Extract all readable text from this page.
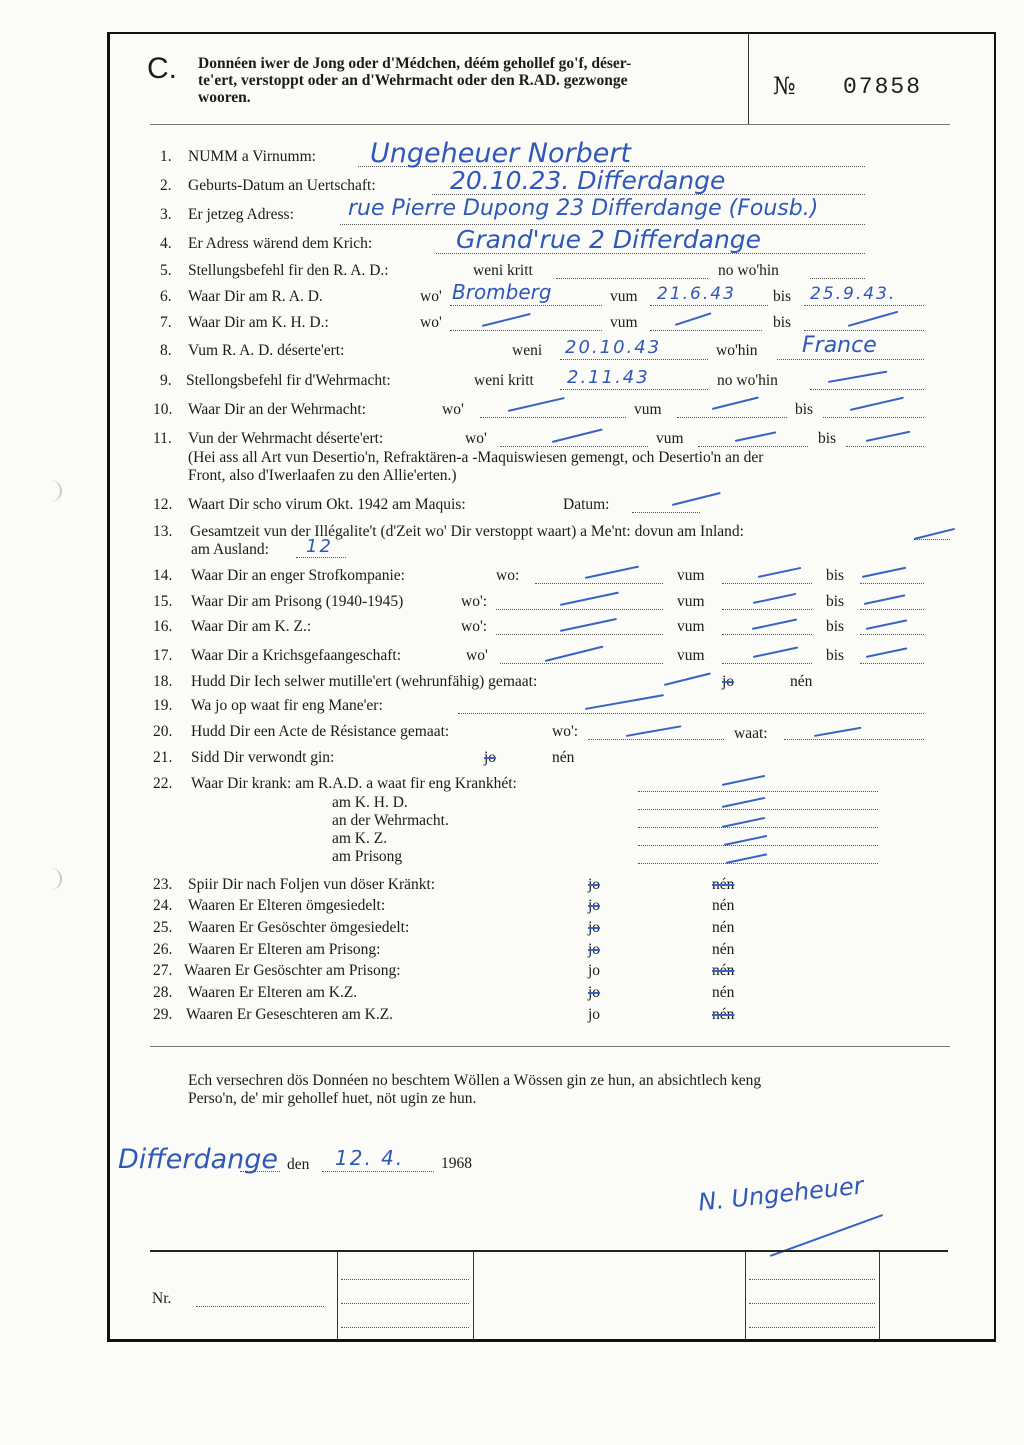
C. Donnéen iwer de Jong oder d'Médchen, déém gehollef go'f, déser-
te'ert, verstoppt oder an d'Wehrmacht oder den R.AD. gezwonge
wooren.	№ 07858
1. NUMM a Virnumm: Ungeheuer Norbert
2. Geburts-Datum an Uertschaft:	20.10.23. Differdange
3. Er jetzeg Adress: rue Pierre Dupong 23 Differdange (Fousb.)
4. Er Adress wärend dem Krich:	Grand'rue 2 Differdange
5. Stellungsbefehl fir den R. A. D.:	weni kritt	no wo'hin
6. Waar Dir am R. A. D.	wo' Bromberg	vum 21.6.43 bis 25.9.43.
7. Waar Dir am K. H. D.:	wo'	vum	bis
8. Vum R. A. D. déserte'ert:	weni 20.10.43	wo'hin France
9. Stellongsbefehl fir d'Wehrmacht:	weni kritt 2.11.43	no wo'hin
10. Waar Dir an der Wehrmacht:	wo'	vum	bis
11. Vun der Wehrmacht déserte'ert:	wo'	vum	bis
(Hei ass all Art vun Desertio'n, Refraktären-a -Maquiswiesen gemengt, och Desertio'n an der
Front, also d'Iwerlaafen zu den Allie'erten.)
12. Waart Dir scho virum Okt. 1942 am Maquis:	Datum:
13. Gesamtzeit vun der Illégalite't (d'Zeit wo' Dir verstoppt waart) a Me'nt: dovun am Inland:
am Ausland: 12
14. Waar Dir an enger Strofkompanie:	wo:	vum	bis
15. Waar Dir am Prisong (1940-1945)	wo':	vum	bis
16. Waar Dir am K. Z.:	wo':	vum	bis
17. Waar Dir a Krichsgefaangeschaft:	wo'	vum	bis
18. Hudd Dir Iech selwer mutille'ert (wehrunfähig) gemaat:	jo	nén
19. Wa jo op waat fir eng Mane'er:
20. Hudd Dir een Acte de Résistance gemaat:	wo':	waat:
21. Sidd Dir verwondt gin:	jo	nén
22. Waar Dir krank: am R.A.D. a waat fir eng Krankhét:
am K. H. D.
an der Wehrmacht.
am K. Z.
am Prisong
23. Spiir Dir nach Foljen vun döser Kränkt:	jo	nén
24. Waaren Er Elteren ömgesiedelt:	jo	nén
25. Waaren Er Gesöschter ömgesiedelt:	jo	nén
26. Waaren Er Elteren am Prisong:	jo	nén
27. Waaren Er Gesöschter am Prisong:	jo	nén
28. Waaren Er Elteren am K.Z.	jo	nén
29. Waaren Er Geseschteren am K.Z.	jo	nén
Ech versechren dös Donnéen no beschtem Wöllen a Wössen gin ze hun, an absichtlech keng
Perso'n, de' mir gehollef huet, nöt ugin ze hun.
Differdange den 12. 4. 1968
N. Ungeheuer
Nr.
